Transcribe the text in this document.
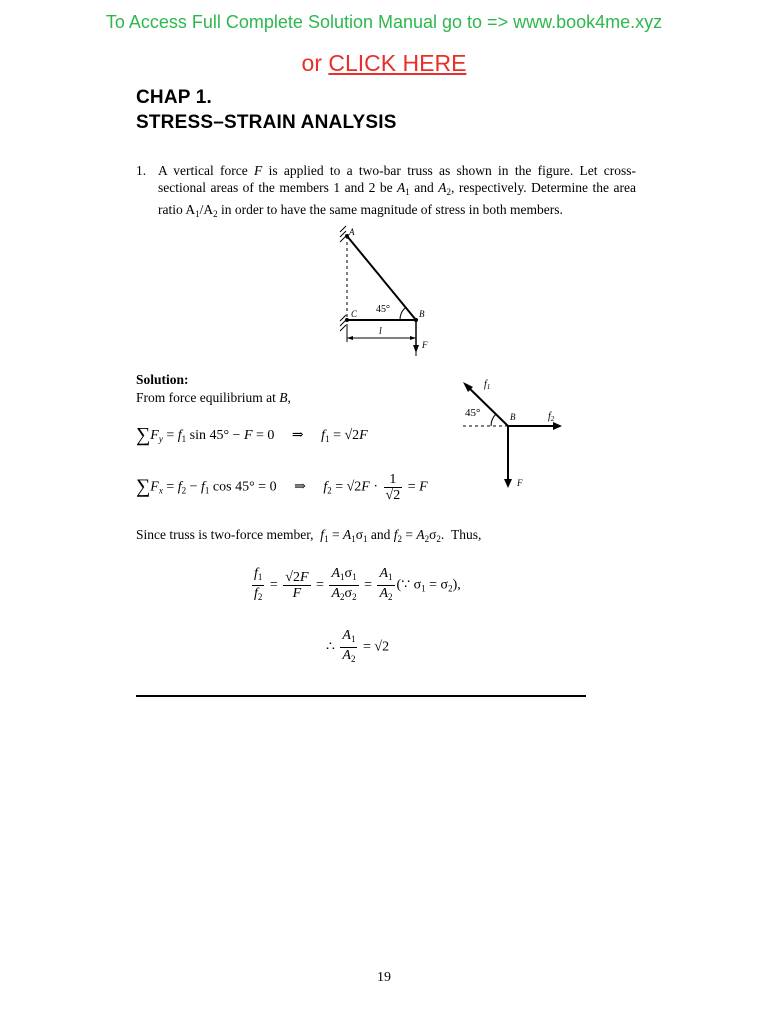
To Access Full Complete Solution Manual go to => www.book4me.xyz
or CLICK HERE
CHAP 1.
STRESS–STRAIN ANALYSIS
1. A vertical force F is applied to a two-bar truss as shown in the figure. Let cross-sectional areas of the members 1 and 2 be $A_1$ and $A_2$, respectively. Determine the area ratio $A_1/A_2$ in order to have the same magnitude of stress in both members.
A
B
C
l
F
45°
Solution:
From force equilibrium at B,
45°	B
$f_1$
$f_2$
F
$\sum F_y = f_1$ sin 45° − F = 0     ⇒     $f_1 = √2F$
$\sum F_x = f_2 - f_1$ cos 45° = 0     ⇒     $f_2 = √2F \cdot \frac{1}{√2} = F$
Since truss is two-force member, $f_1 = A_1\sigma_1$ and $f_2 = A_2\sigma_2$.  Thus,
$\frac{f_1}{f_2} = \frac{√2F}{F} = \frac{A_1\sigma_1}{A_2\sigma_2} = \frac{A_1}{A_2}$ (∵ $\sigma_1 = \sigma_2$),
∴ $\frac{A_1}{A_2} = √2$
19
